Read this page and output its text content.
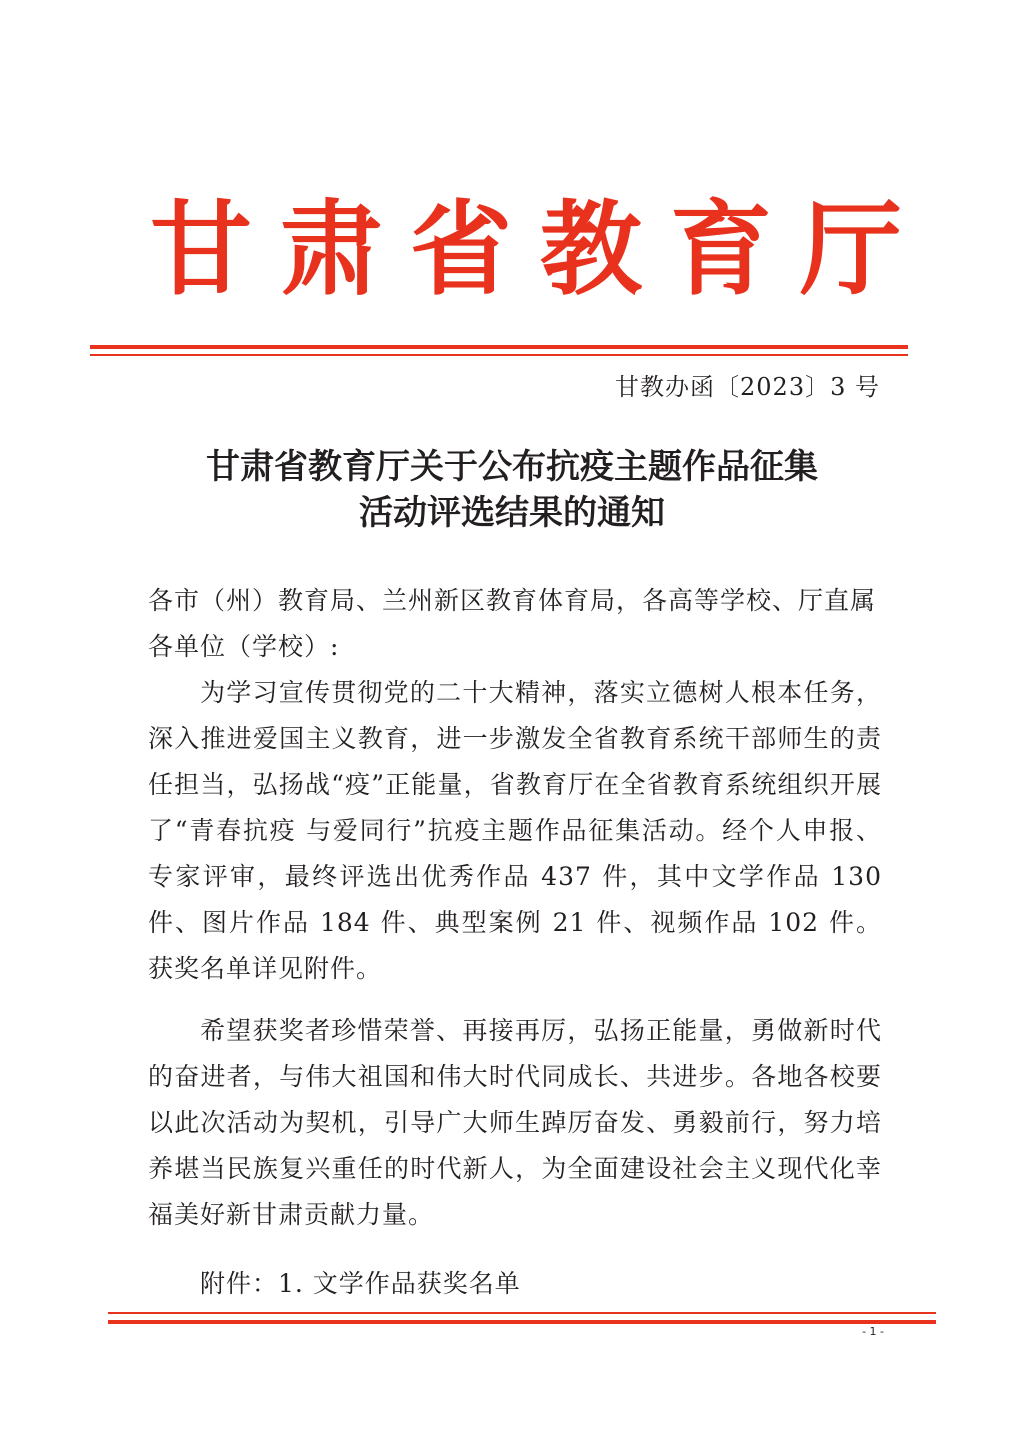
甘肃省教育厅
甘教办函〔2023〕3 号
甘肃省教育厅关于公布抗疫主题作品征集
活动评选结果的通知
各市（州）教育局、兰州新区教育体育局，各高等学校、厅直属各单位（学校）:
为学习宣传贯彻党的二十大精神，落实立德树人根本任务，深入推进爱国主义教育，进一步激发全省教育系统干部师生的责任担当，弘扬战“疫”正能量，省教育厅在全省教育系统组织开展了“青春抗疫 与爱同行”抗疫主题作品征集活动。经个人申报、专家评审，最终评选出优秀作品 437 件，其中文学作品 130 件、图片作品 184 件、典型案例 21 件、视频作品 102 件。获奖名单详见附件。
希望获奖者珍惜荣誉、再接再厉，弘扬正能量，勇做新时代的奋进者，与伟大祖国和伟大时代同成长、共进步。各地各校要以此次活动为契机，引导广大师生踔厉奋发、勇毅前行，努力培养堪当民族复兴重任的时代新人，为全面建设社会主义现代化幸福美好新甘肃贡献力量。
附件：1. 文学作品获奖名单
- 1 -
